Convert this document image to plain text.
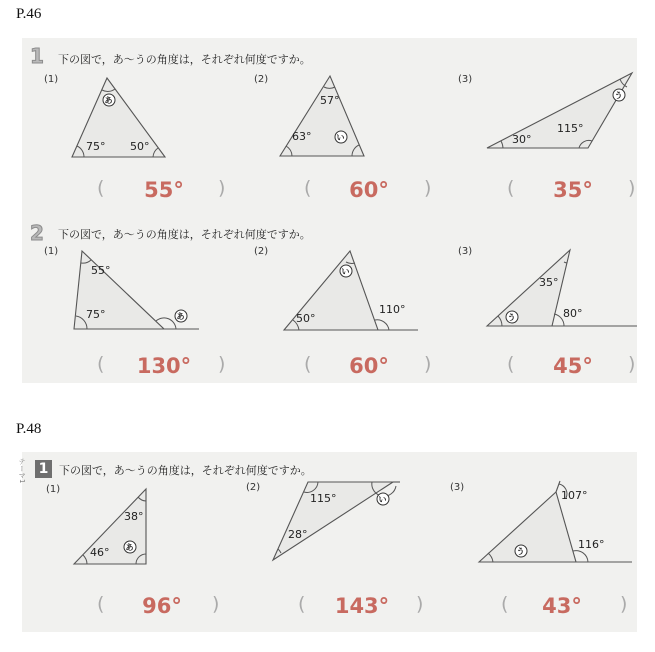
P.46
1 下の図で，あ〜うの角度は，それぞれ何度ですか。
(1)
75° 50°
あ
(2)
57°
63°	い
(3)
30°
115°
う
(	55°	)	(	60°	)	(	35°	)
2 下の図で，あ〜うの角度は，それぞれ何度ですか。
(1)
55°
75°	あ
(2)
50°
110°
い
(3)
35°
80°
う
(	130°	)	(	60°	)	(	45°	)
P.48
テーマ1 1 下の図で，あ〜うの角度は，それぞれ何度ですか。
(1)
38°
46° あ
(2)
115°
28°
い
(3)
107°
116°
う
(	96°	)	(	143°	)	(	43°	)
